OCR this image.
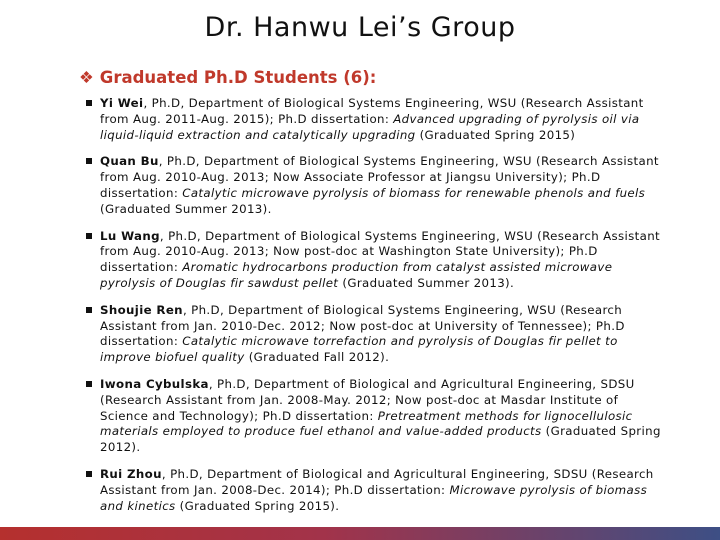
Dr. Hanwu Lei’s Group
❖ Graduated Ph.D Students (6):
Yi Wei, Ph.D, Department of Biological Systems Engineering, WSU (Research Assistant from Aug. 2011-Aug. 2015); Ph.D dissertation: Advanced upgrading of pyrolysis oil via liquid-liquid extraction and catalytically upgrading (Graduated Spring 2015)
Quan Bu, Ph.D, Department of Biological Systems Engineering, WSU (Research Assistant from Aug. 2010-Aug. 2013; Now Associate Professor at Jiangsu University); Ph.D dissertation: Catalytic microwave pyrolysis of biomass for renewable phenols and fuels (Graduated Summer 2013).
Lu Wang, Ph.D, Department of Biological Systems Engineering, WSU (Research Assistant from Aug. 2010-Aug. 2013; Now post-doc at Washington State University); Ph.D dissertation: Aromatic hydrocarbons production from catalyst assisted microwave pyrolysis of Douglas fir sawdust pellet (Graduated Summer 2013).
Shoujie Ren, Ph.D, Department of Biological Systems Engineering, WSU (Research Assistant from Jan. 2010-Dec. 2012; Now post-doc at University of Tennessee); Ph.D dissertation: Catalytic microwave torrefaction and pyrolysis of Douglas fir pellet to improve biofuel quality (Graduated Fall 2012).
Iwona Cybulska, Ph.D, Department of Biological and Agricultural Engineering, SDSU (Research Assistant from Jan. 2008-May. 2012; Now post-doc at Masdar Institute of Science and Technology); Ph.D dissertation: Pretreatment methods for lignocellulosic materials employed to produce fuel ethanol and value-added products (Graduated Spring 2012).
Rui Zhou, Ph.D, Department of Biological and Agricultural Engineering, SDSU (Research Assistant from Jan. 2008-Dec. 2014); Ph.D dissertation: Microwave pyrolysis of biomass and kinetics (Graduated Spring 2015).
